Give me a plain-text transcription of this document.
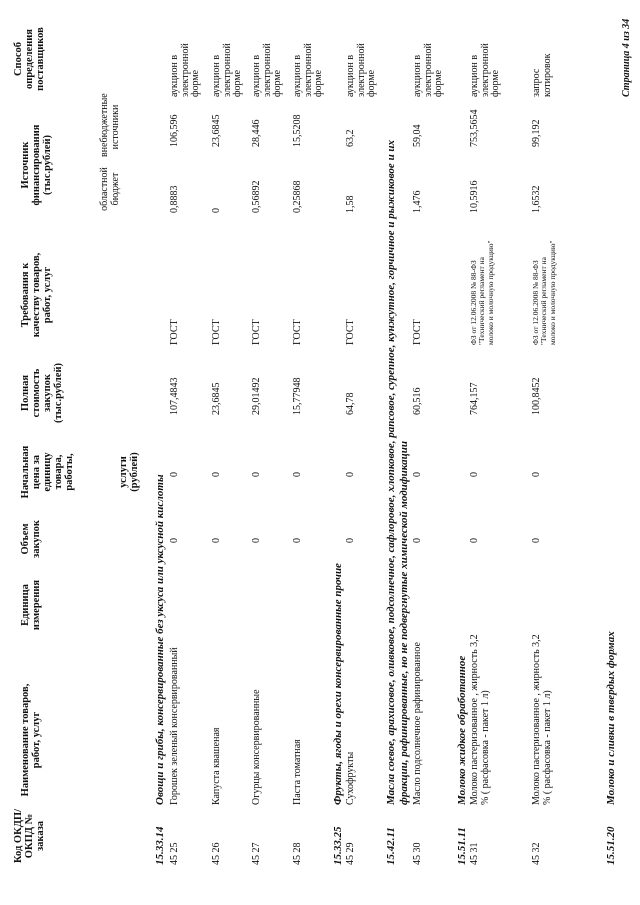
Код ОКДП/ ОКПД № заказа
Наименование товаров, работ, услуг
Единица измерения
Объем закупок
Начальная цена за единицу товара, работы,	услуги (рублей)
Полная стоимость закупок (тыс.рублей)
Требования к качеству товаров, работ, услуг
Источник финансирования (тыс.рублей)	областной бюджет
внебюджетные источники
Способ определения поставщиков
15.33.14
Овощи и грибы, консервированные без уксуса или уксусной кислоты
45 25
Горошек зеленый консервированный
0
0
107,4843
ГОСТ
0,8883
106,596
аукцион в электронной форме
45 26
Капуста квашеная
0
0
23,6845
ГОСТ
0
23,6845
аукцион в электронной форме
45 27
Огурцы консервированные
0
0
29,01492
ГОСТ
0,56892
28,446
аукцион в электронной форме
45 28
Паста томатная
0
0
15,77948
ГОСТ
0,25868
15,5208
аукцион в электронной форме
15.33.25
Фрукты, ягоды и орехи консервированные прочие
45 29
Сухофрукты
0
0
64,78
ГОСТ
1,58
63,2
аукцион в электронной форме
15.42.11
Масла соевое, арахисовое, оливковое, подсолнечное, сафлоровое, хлопковое, рапсовое, сурепное, кунжутное, горчичное и рыжиковое и их фракции, рафинированные, но не подвергнутые химической модификации
45 30
Масло подсолнечное рафинированное
0
0
60,516
ГОСТ
1,476
59,04
аукцион в электронной форме
15.51.11
Молоко жидкое обработанное
45 31
Молоко пастеризованное , жирность 3,2 % ( расфасовка - пакет 1 л)
0
0
764,157
ФЗ от 12.06.2008 № 88-ФЗ "Технический регламент на молоко и молочную продукцию"
10,5916
753,5654
аукцион в электронной форме
45 32
Молоко пастеризованное , жирность 3,2 % ( расфасовка - пакет 1 л)
0
0
100,8452
ФЗ от 12.06.2008 № 88-ФЗ "Технический регламент на молоко и молочную продукцию"
1,6532
99,192
запрос котировок
15.51.20
Молоко и сливки в твердых формах
Страница 4 из 34
